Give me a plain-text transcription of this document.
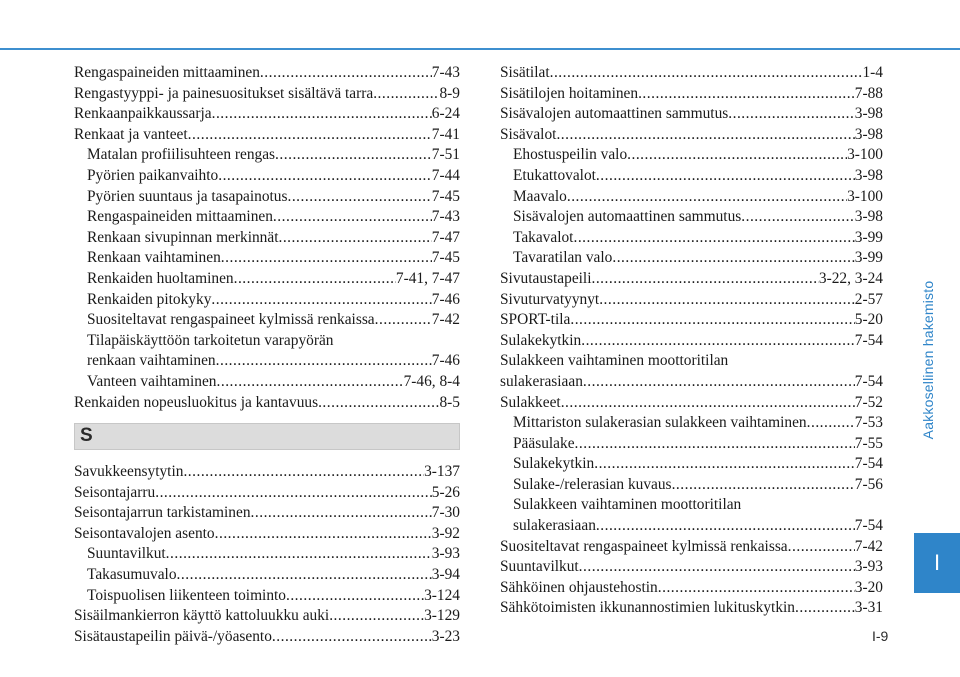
Rengaspaineiden mittaaminen .....	7-43
Rengastyyppi- ja painesuositukset sisältävä tarra .....	8-9
Renkaanpaikkaussarja .....	6-24
Renkaat ja vanteet .....	7-41
Matalan profiilisuhteen rengas .....	7-51
Pyörien paikanvaihto .....	7-44
Pyörien suuntaus ja tasapainotus .....	7-45
Rengaspaineiden mittaaminen .....	7-43
Renkaan sivupinnan merkinnät .....	7-47
Renkaan vaihtaminen .....	7-45
Renkaiden huoltaminen .....	7-41, 7-47
Renkaiden pitokyky .....	7-46
Suositeltavat rengaspaineet kylmissä renkaissa .....	7-42
Tilapäiskäyttöön tarkoitetun varapyörän
renkaan vaihtaminen .....	7-46
Vanteen vaihtaminen .....	7-46, 8-4
Renkaiden nopeusluokitus ja kantavuus .....	8-5
S
Savukkeensytytin .....	3-137
Seisontajarru .....	5-26
Seisontajarrun tarkistaminen .....	7-30
Seisontavalojen asento .....	3-92
Suuntavilkut .....	3-93
Takasumuvalo .....	3-94
Toispuolisen liikenteen toiminto .....	3-124
Sisäilmankierron käyttö kattoluukku auki .....	3-129
Sisätaustapeilin päivä-/yöasento .....	3-23
Sisätilat .....	1-4
Sisätilojen hoitaminen .....	7-88
Sisävalojen automaattinen sammutus .....	3-98
Sisävalot .....	3-98
Ehostuspeilin valo .....	3-100
Etukattovalot .....	3-98
Maavalo .....	3-100
Sisävalojen automaattinen sammutus .....	3-98
Takavalot .....	3-99
Tavaratilan valo .....	3-99
Sivutaustapeili .....	3-22, 3-24
Sivuturvatyynyt .....	2-57
SPORT-tila .....	5-20
Sulakekytkin .....	7-54
Sulakkeen vaihtaminen moottoritilan
sulakerasiaan .....	7-54
Sulakkeet .....	7-52
Mittariston sulakerasian sulakkeen vaihtaminen .....	7-53
Pääsulake .....	7-55
Sulakekytkin .....	7-54
Sulake-/relerasian kuvaus .....	7-56
Sulakkeen vaihtaminen moottoritilan
sulakerasiaan .....	7-54
Suositeltavat rengaspaineet kylmissä renkaissa .....	7-42
Suuntavilkut .....	3-93
Sähköinen ohjaustehostin .....	3-20
Sähkötoimisten ikkunannostimien lukituskytkin .....	3-31
Aakkosellinen hakemisto
I
I-9
